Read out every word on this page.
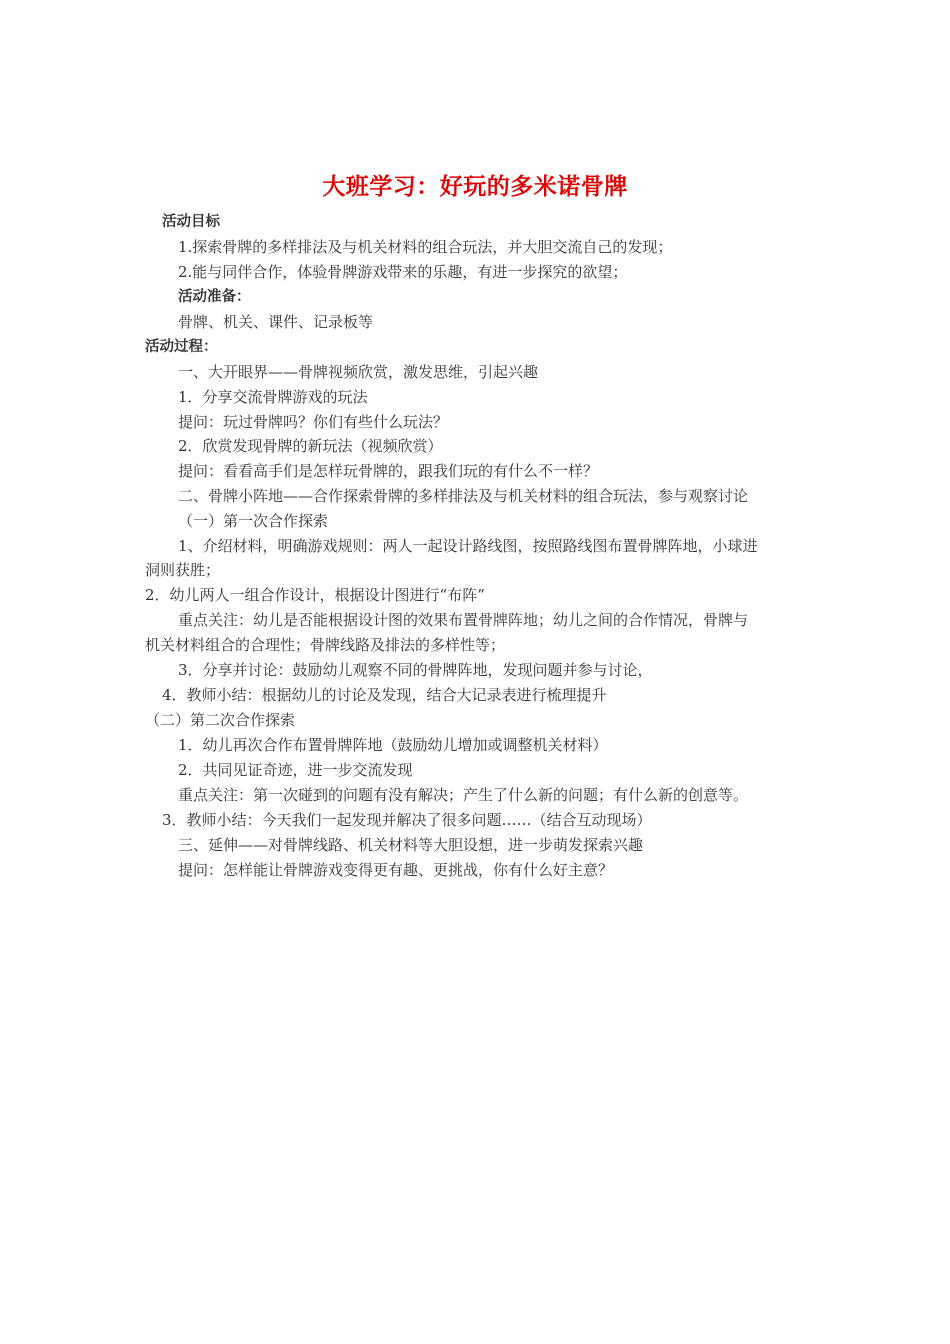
大班学习：好玩的多米诺骨牌
活动目标
1.探索骨牌的多样排法及与机关材料的组合玩法，并大胆交流自己的发现；
2.能与同伴合作，体验骨牌游戏带来的乐趣，有进一步探究的欲望；
活动准备：
骨牌、机关、课件、记录板等
活动过程：
一、大开眼界——骨牌视频欣赏，激发思维，引起兴趣
1．分享交流骨牌游戏的玩法
提问：玩过骨牌吗？你们有些什么玩法？
2．欣赏发现骨牌的新玩法（视频欣赏）
提问：看看高手们是怎样玩骨牌的，跟我们玩的有什么不一样？
二、骨牌小阵地——合作探索骨牌的多样排法及与机关材料的组合玩法，参与观察讨论
（一）第一次合作探索
1、介绍材料，明确游戏规则：两人一起设计路线图，按照路线图布置骨牌阵地，小球进
洞则获胜；
2．幼儿两人一组合作设计，根据设计图进行“布阵”
重点关注：幼儿是否能根据设计图的效果布置骨牌阵地；幼儿之间的合作情况，骨牌与
机关材料组合的合理性；骨牌线路及排法的多样性等；
3．分享并讨论：鼓励幼儿观察不同的骨牌阵地，发现问题并参与讨论，
4．教师小结：根据幼儿的讨论及发现，结合大记录表进行梳理提升
（二）第二次合作探索
1．幼儿再次合作布置骨牌阵地（鼓励幼儿增加或调整机关材料）
2．共同见证奇迹，进一步交流发现
重点关注：第一次碰到的问题有没有解决；产生了什么新的问题；有什么新的创意等。
3．教师小结：今天我们一起发现并解决了很多问题……（结合互动现场）
三、延伸——对骨牌线路、机关材料等大胆设想，进一步萌发探索兴趣
提问：怎样能让骨牌游戏变得更有趣、更挑战，你有什么好主意？
